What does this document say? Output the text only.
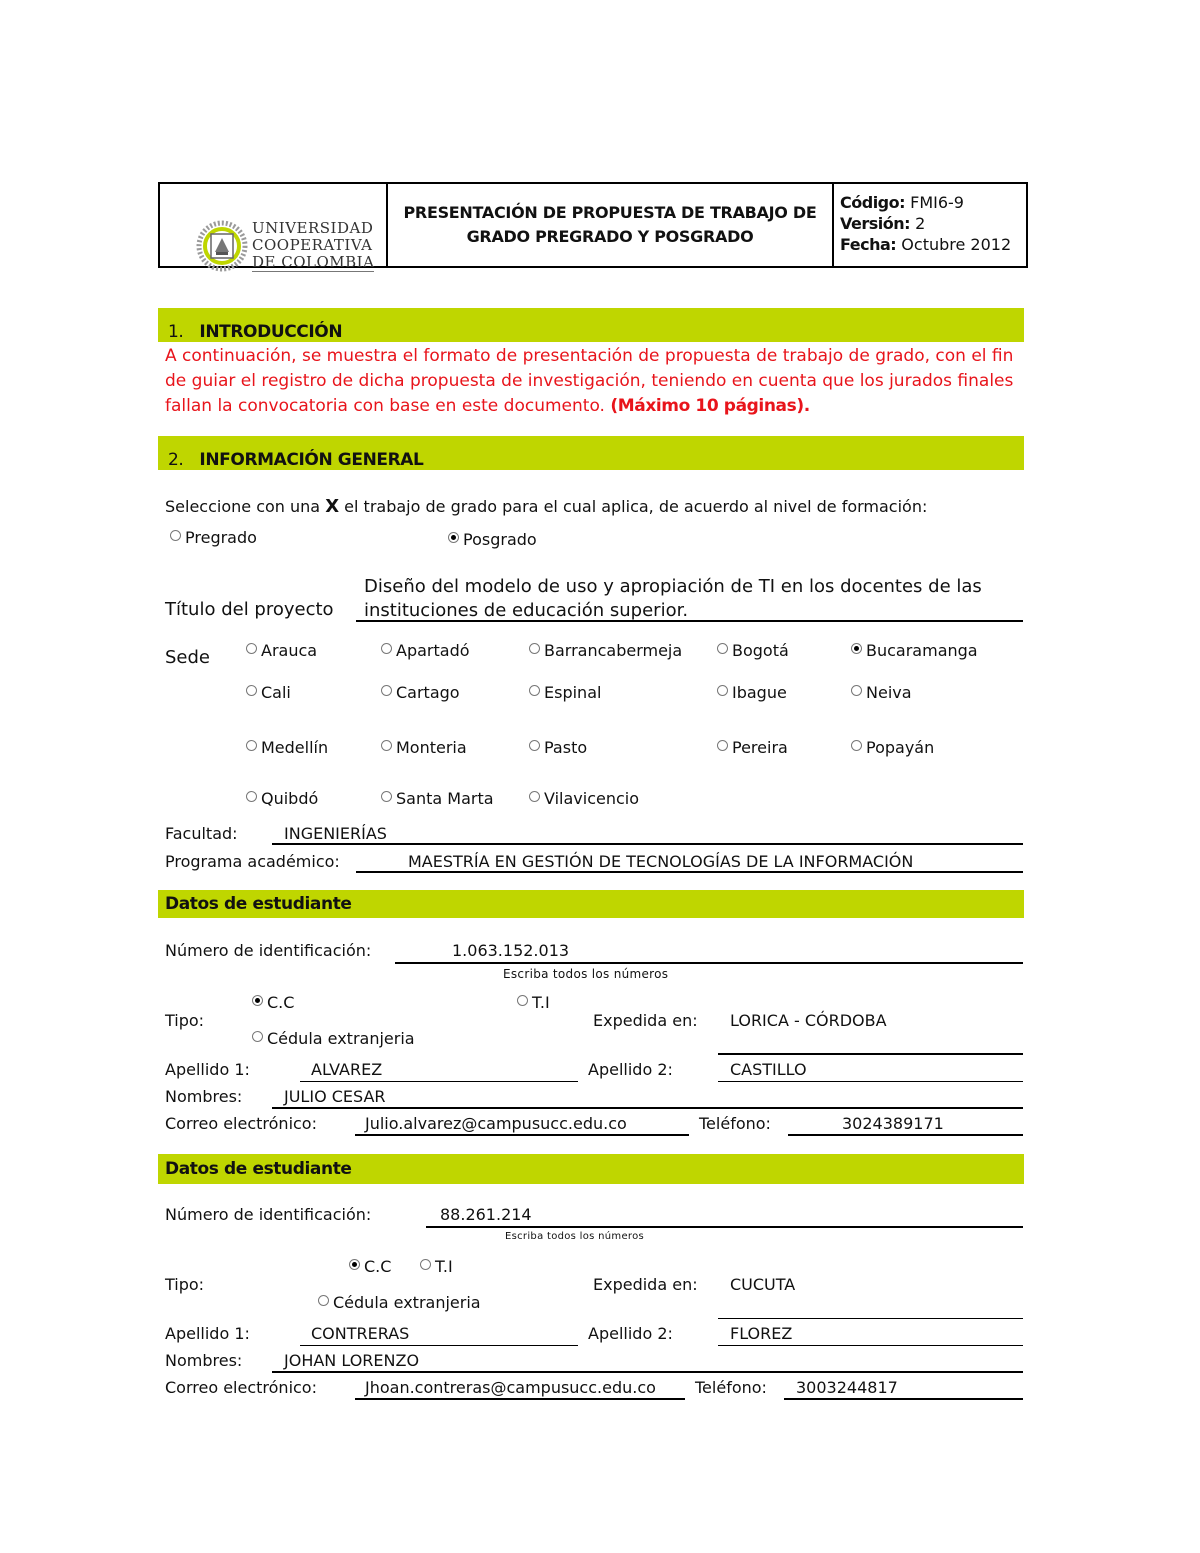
UNIVERSIDAD
COOPERATIVA
DE COLOMBIA
PRESENTACIÓN DE PROPUESTA DE TRABAJO DE
GRADO PREGRADO Y POSGRADO
Código: FMI6-9
Versión: 2
Fecha: Octubre 2012
1. INTRODUCCIÓN
A continuación, se muestra el formato de presentación de propuesta de trabajo de grado, con el fin
de guiar el registro de dicha propuesta de investigación, teniendo en cuenta que los jurados finales
fallan la convocatoria con base en este documento. (Máximo 10 páginas).
2. INFORMACIÓN GENERAL
Seleccione con una X el trabajo de grado para el cual aplica, de acuerdo al nivel de formación:
Pregrado	Posgrado
Título del proyecto
Diseño del modelo de uso y apropiación de TI en los docentes de las
instituciones de educación superior.
Sede	Arauca	Apartadó	Barrancabermeja	Bogotá	Bucaramanga
Cali	Cartago	Espinal	Ibague	Neiva
Medellín	Monteria	Pasto	Pereira	Popayán
Quibdó	Santa Marta	Vilavicencio
Facultad:	INGENIERÍAS
Programa académico:	MAESTRÍA EN GESTIÓN DE TECNOLOGÍAS DE LA INFORMACIÓN
Datos de estudiante
Número de identificación:	1.063.152.013
Escriba todos los números
C.C	T.I
Tipo:	Expedida en: LORICA - CÓRDOBA
Cédula extranjeria
Apellido 1:	ALVAREZ	Apellido 2:	CASTILLO
Nombres:	JULIO CESAR
Correo electrónico:	Julio.alvarez@campusucc.edu.co	Teléfono:	3024389171
Datos de estudiante
Número de identificación:	88.261.214
Escriba todos los números
C.C	T.I
Tipo:	Expedida en: CUCUTA
Cédula extranjeria
Apellido 1:	CONTRERAS	Apellido 2:	FLOREZ
Nombres:	JOHAN LORENZO
Correo electrónico:	Jhoan.contreras@campusucc.edu.co Teléfono: 3003244817
